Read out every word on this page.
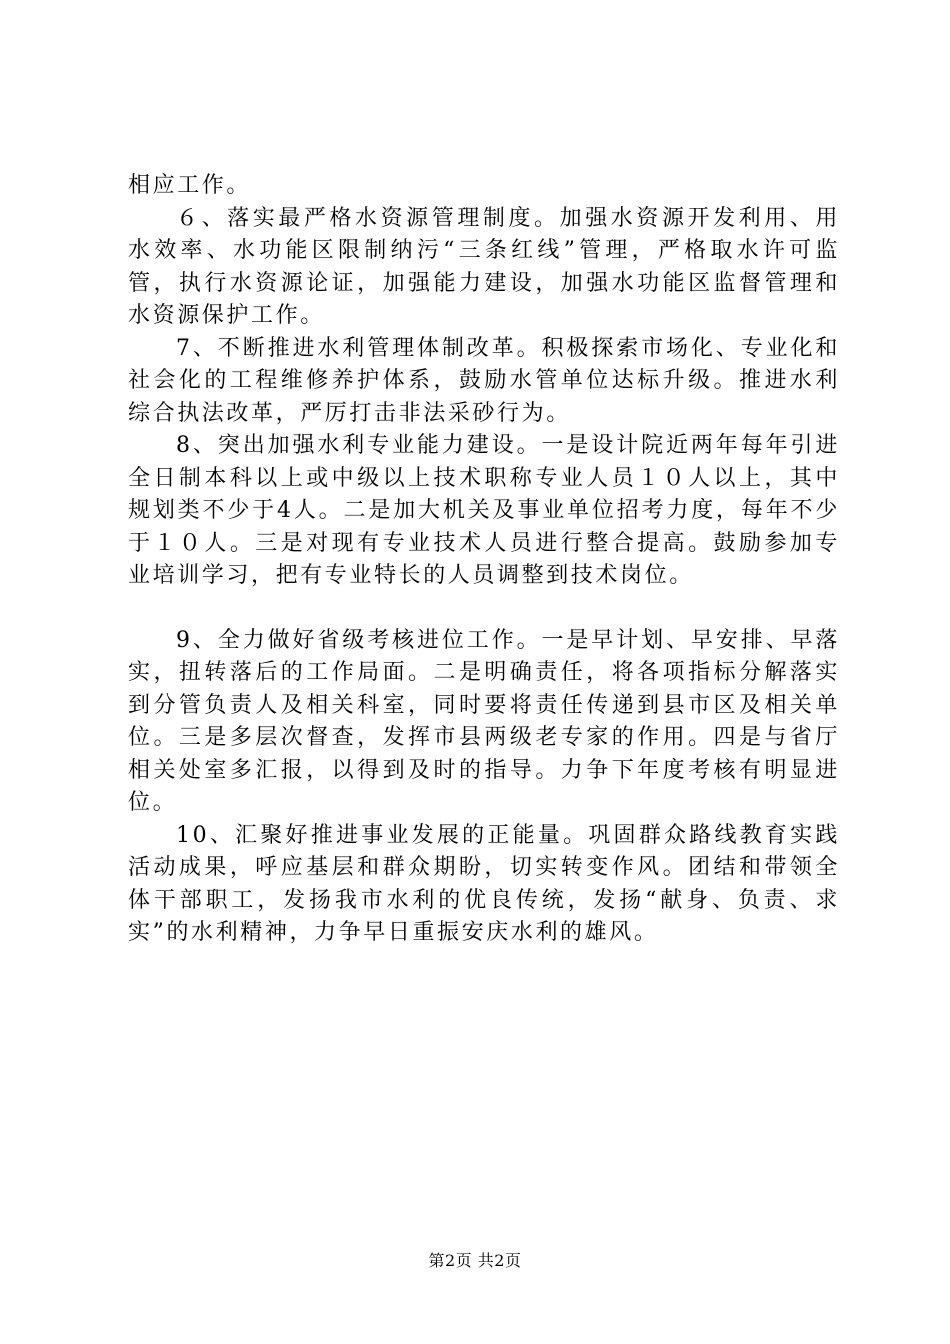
相应工作。

６、落实最严格水资源管理制度。加强水资源开发利用、用水效率、水功能区限制纳污“三条红线”管理，严格取水许可监管，执行水资源论证，加强能力建设，加强水功能区监督管理和水资源保护工作。

7、不断推进水利管理体制改革。积极探索市场化、专业化和社会化的工程维修养护体系，鼓励水管单位达标升级。推进水利综合执法改革，严厉打击非法采砂行为。

8、突出加强水利专业能力建设。一是设计院近两年每年引进全日制本科以上或中级以上技术职称专业人员１０人以上，其中规划类不少于4人。二是加大机关及事业单位招考力度，每年不少于１０人。三是对现有专业技术人员进行整合提高。鼓励参加专业培训学习，把有专业特长的人员调整到技术岗位。

9、全力做好省级考核进位工作。一是早计划、早安排、早落实，扭转落后的工作局面。二是明确责任，将各项指标分解落实到分管负责人及相关科室，同时要将责任传递到县市区及相关单位。三是多层次督查，发挥市县两级老专家的作用。四是与省厅相关处室多汇报，以得到及时的指导。力争下年度考核有明显进位。

10、汇聚好推进事业发展的正能量。巩固群众路线教育实践活动成果，呼应基层和群众期盼，切实转变作风。团结和带领全体干部职工，发扬我市水利的优良传统，发扬“献身、负责、求实”的水利精神，力争早日重振安庆水利的雄风。

第2页 共2页
